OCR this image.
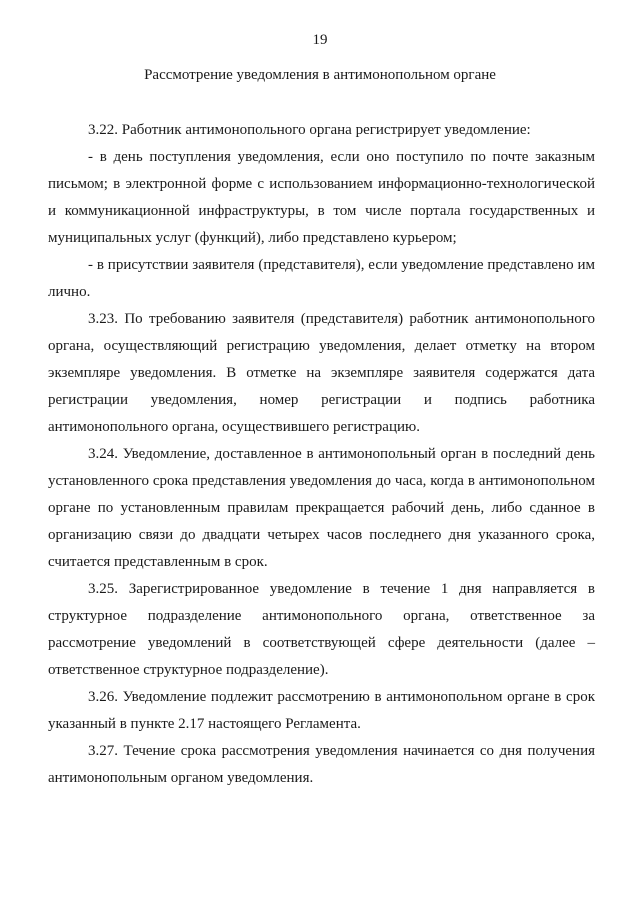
19
Рассмотрение уведомления в антимонопольном органе

3.22. Работник антимонопольного органа регистрирует уведомление:

- в день поступления уведомления, если оно поступило по почте заказным письмом; в электронной форме с использованием информационно-технологической и коммуникационной инфраструктуры, в том числе портала государственных и муниципальных услуг (функций), либо представлено курьером;

- в присутствии заявителя (представителя), если уведомление представлено им лично.

3.23. По требованию заявителя (представителя) работник антимонопольного органа, осуществляющий регистрацию уведомления, делает отметку на втором экземпляре уведомления. В отметке на экземпляре заявителя содержатся дата регистрации уведомления, номер регистрации и подпись работника антимонопольного органа, осуществившего регистрацию.

3.24. Уведомление, доставленное в антимонопольный орган в последний день установленного срока представления уведомления до часа, когда в антимонопольном органе по установленным правилам прекращается рабочий день, либо сданное в организацию связи до двадцати четырех часов последнего дня указанного срока, считается представленным в срок.

3.25. Зарегистрированное уведомление в течение 1 дня направляется в структурное подразделение антимонопольного органа, ответственное за рассмотрение уведомлений в соответствующей сфере деятельности (далее – ответственное структурное подразделение).

3.26. Уведомление подлежит рассмотрению в антимонопольном органе в срок указанный в пункте 2.17 настоящего Регламента.

3.27. Течение срока рассмотрения уведомления начинается со дня получения антимонопольным органом уведомления.
